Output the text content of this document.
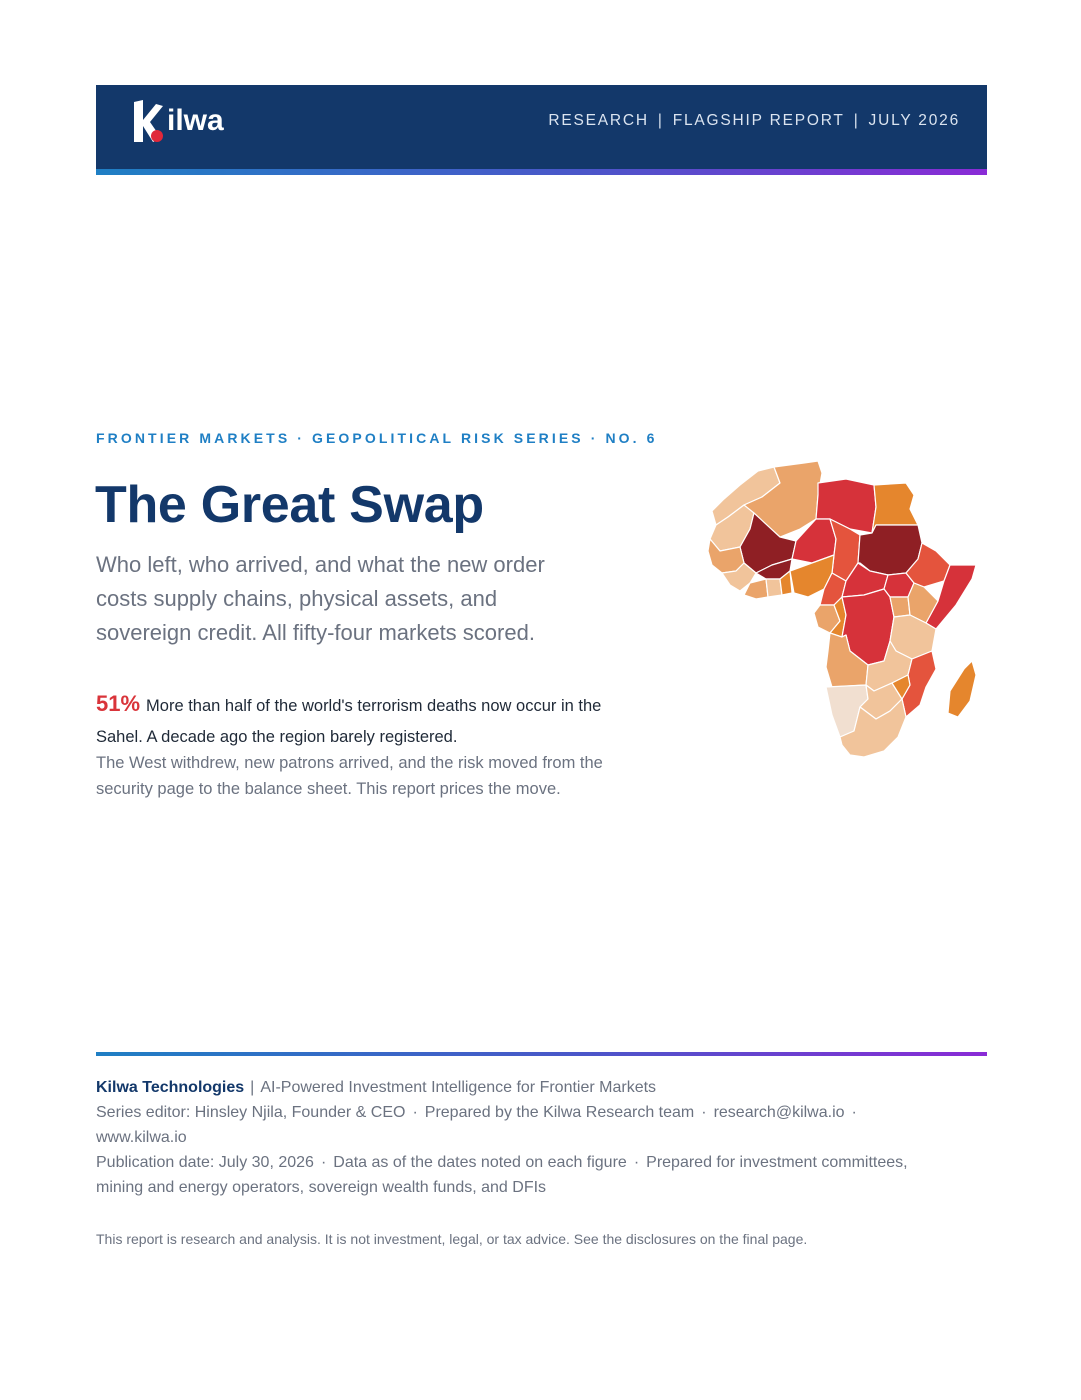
ilwa	RESEARCH | FLAGSHIP REPORT | JULY 2026
FRONTIER MARKETS · GEOPOLITICAL RISK SERIES · NO. 6
The Great Swap

Who left, who arrived, and what the new order costs supply chains, physical assets, and sovereign credit. All fifty-four markets scored.

51% More than half of the world's terrorism deaths now occur in the Sahel. A decade ago the region barely registered.

The West withdrew, new patrons arrived, and the risk moved from the security page to the balance sheet. This report prices the move.

Kilwa Technologies | AI-Powered Investment Intelligence for Frontier Markets

Series editor: Hinsley Njila, Founder & CEO · Prepared by the Kilwa Research team · research@kilwa.io ·
www.kilwa.io

Publication date: July 30, 2026 · Data as of the dates noted on each figure · Prepared for investment committees, mining and energy operators, sovereign wealth funds, and DFIs

This report is research and analysis. It is not investment, legal, or tax advice. See the disclosures on the final page.
